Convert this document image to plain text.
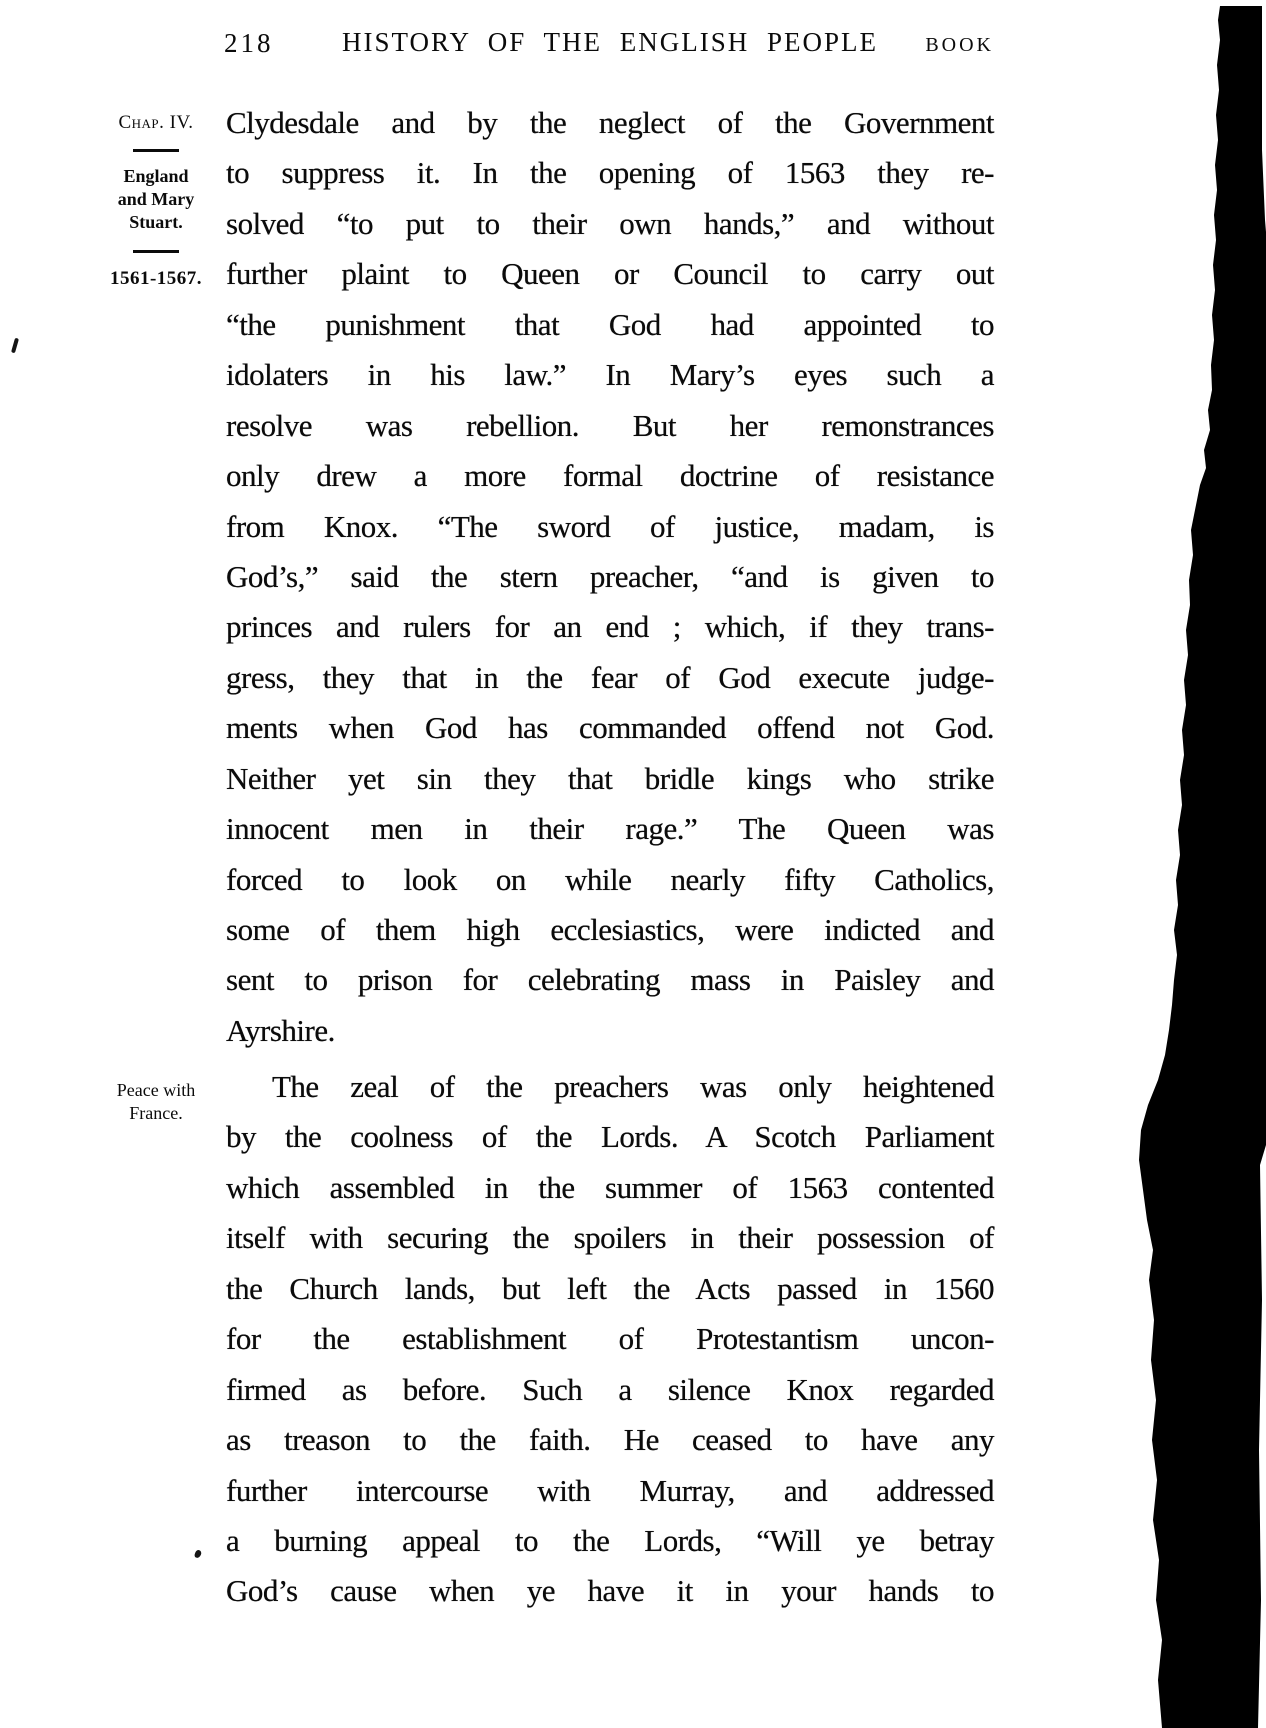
218	HISTORY OF THE ENGLISH PEOPLE	BOOK
Chap. IV.
England
and Mary
Stuart.
1561-1567.
Peace with
France.
Clydesdale and by the neglect of the Government
to suppress it. In the opening of 1563 they re-
solved “to put to their own hands,” and without
further plaint to Queen or Council to carry out
“the punishment that God had appointed to
idolaters in his law.” In Mary’s eyes such a
resolve was rebellion. But her remonstrances
only drew a more formal doctrine of resistance
from Knox. “The sword of justice, madam, is
God’s,” said the stern preacher, “and is given to
princes and rulers for an end ; which, if they trans-
gress, they that in the fear of God execute judge-
ments when God has commanded offend not God.
Neither yet sin they that bridle kings who strike
innocent men in their rage.” The Queen was
forced to look on while nearly fifty Catholics,
some of them high ecclesiastics, were indicted and
sent to prison for celebrating mass in Paisley and
Ayrshire.
The zeal of the preachers was only heightened
by the coolness of the Lords. A Scotch Parliament
which assembled in the summer of 1563 contented
itself with securing the spoilers in their possession of
the Church lands, but left the Acts passed in 1560
for the establishment of Protestantism uncon-
firmed as before. Such a silence Knox regarded
as treason to the faith. He ceased to have any
further intercourse with Murray, and addressed
a burning appeal to the Lords, “Will ye betray
God’s cause when ye have it in your hands to
